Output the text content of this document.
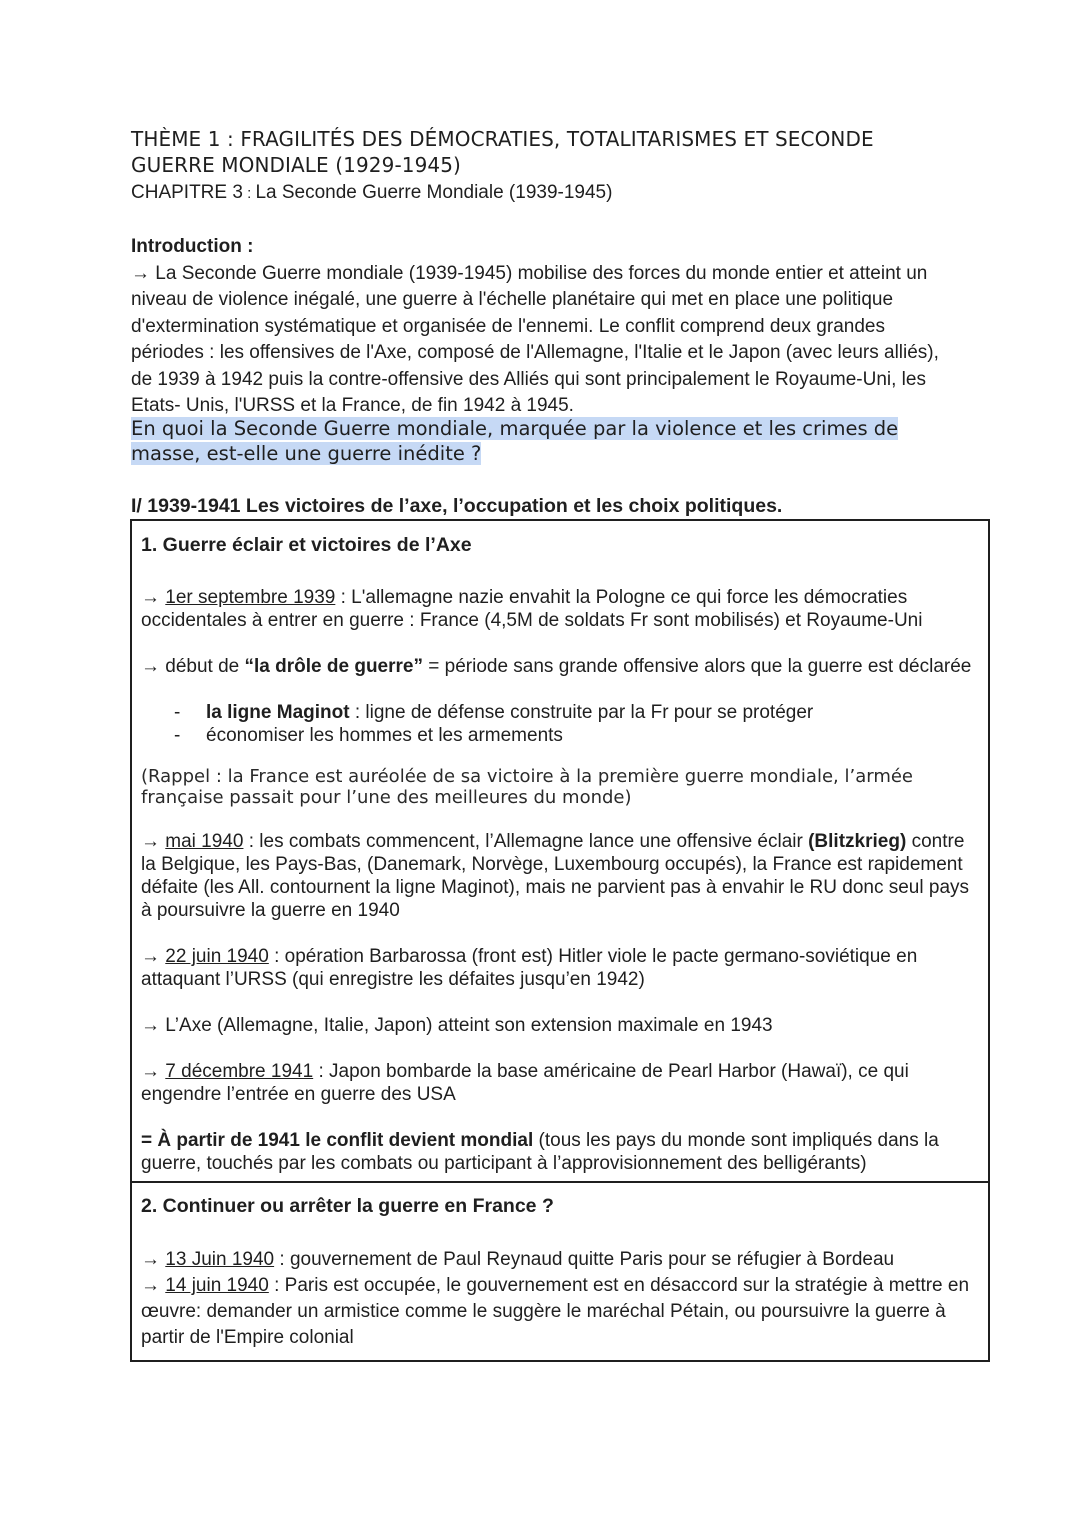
THÈME 1 : FRAGILITÉS DES DÉMOCRATIES, TOTALITARISMES ET SECONDE
GUERRE MONDIALE (1929-1945)
CHAPITRE 3 : La Seconde Guerre Mondiale (1939-1945)
Introduction :
→ La Seconde Guerre mondiale (1939-1945) mobilise des forces du monde entier et atteint un niveau de violence inégalé, une guerre à l'échelle planétaire qui met en place une politique d'extermination systématique et organisée de l'ennemi. Le conflit comprend deux grandes périodes : les offensives de l'Axe, composé de l'Allemagne, l'Italie et le Japon (avec leurs alliés), de 1939 à 1942 puis la contre-offensive des Alliés qui sont principalement le Royaume-Uni, les Etats- Unis, l'URSS et la France, de fin 1942 à 1945.
En quoi la Seconde Guerre mondiale, marquée par la violence et les crimes de
masse, est-elle une guerre inédite ?
I/ 1939-1941 Les victoires de l’axe, l’occupation et les choix politiques.
1. Guerre éclair et victoires de l’Axe
→ 1er septembre 1939 : L'allemagne nazie envahit la Pologne ce qui force les démocraties occidentales à entrer en guerre : France (4,5M de soldats Fr sont mobilisés) et Royaume-Uni
→ début de “la drôle de guerre” = période sans grande offensive alors que la guerre est déclarée
- la ligne Maginot : ligne de défense construite par la Fr pour se protéger
- économiser les hommes et les armements
(Rappel : la France est auréolée de sa victoire à la première guerre mondiale, l’armée française passait pour l’une des meilleures du monde)
→ mai 1940 : les combats commencent, l’Allemagne lance une offensive éclair (Blitzkrieg) contre la Belgique, les Pays-Bas, (Danemark, Norvège, Luxembourg occupés), la France est rapidement défaite (les All. contournent la ligne Maginot), mais ne parvient pas à envahir le RU donc seul pays à poursuivre la guerre en 1940
→ 22 juin 1940 : opération Barbarossa (front est) Hitler viole le pacte germano-soviétique en attaquant l’URSS (qui enregistre les défaites jusqu’en 1942)
→ L’Axe (Allemagne, Italie, Japon) atteint son extension maximale en 1943
→ 7 décembre 1941 : Japon bombarde la base américaine de Pearl Harbor (Hawaï), ce qui engendre l’entrée en guerre des USA
= À partir de 1941 le conflit devient mondial (tous les pays du monde sont impliqués dans la guerre, touchés par les combats ou participant à l’approvisionnement des belligérants)
2. Continuer ou arrêter la guerre en France ?
→ 13 Juin 1940 : gouvernement de Paul Reynaud quitte Paris pour se réfugier à Bordeau
→ 14 juin 1940 : Paris est occupée, le gouvernement est en désaccord sur la stratégie à mettre en œuvre: demander un armistice comme le suggère le maréchal Pétain, ou poursuivre la guerre à partir de l'Empire colonial
